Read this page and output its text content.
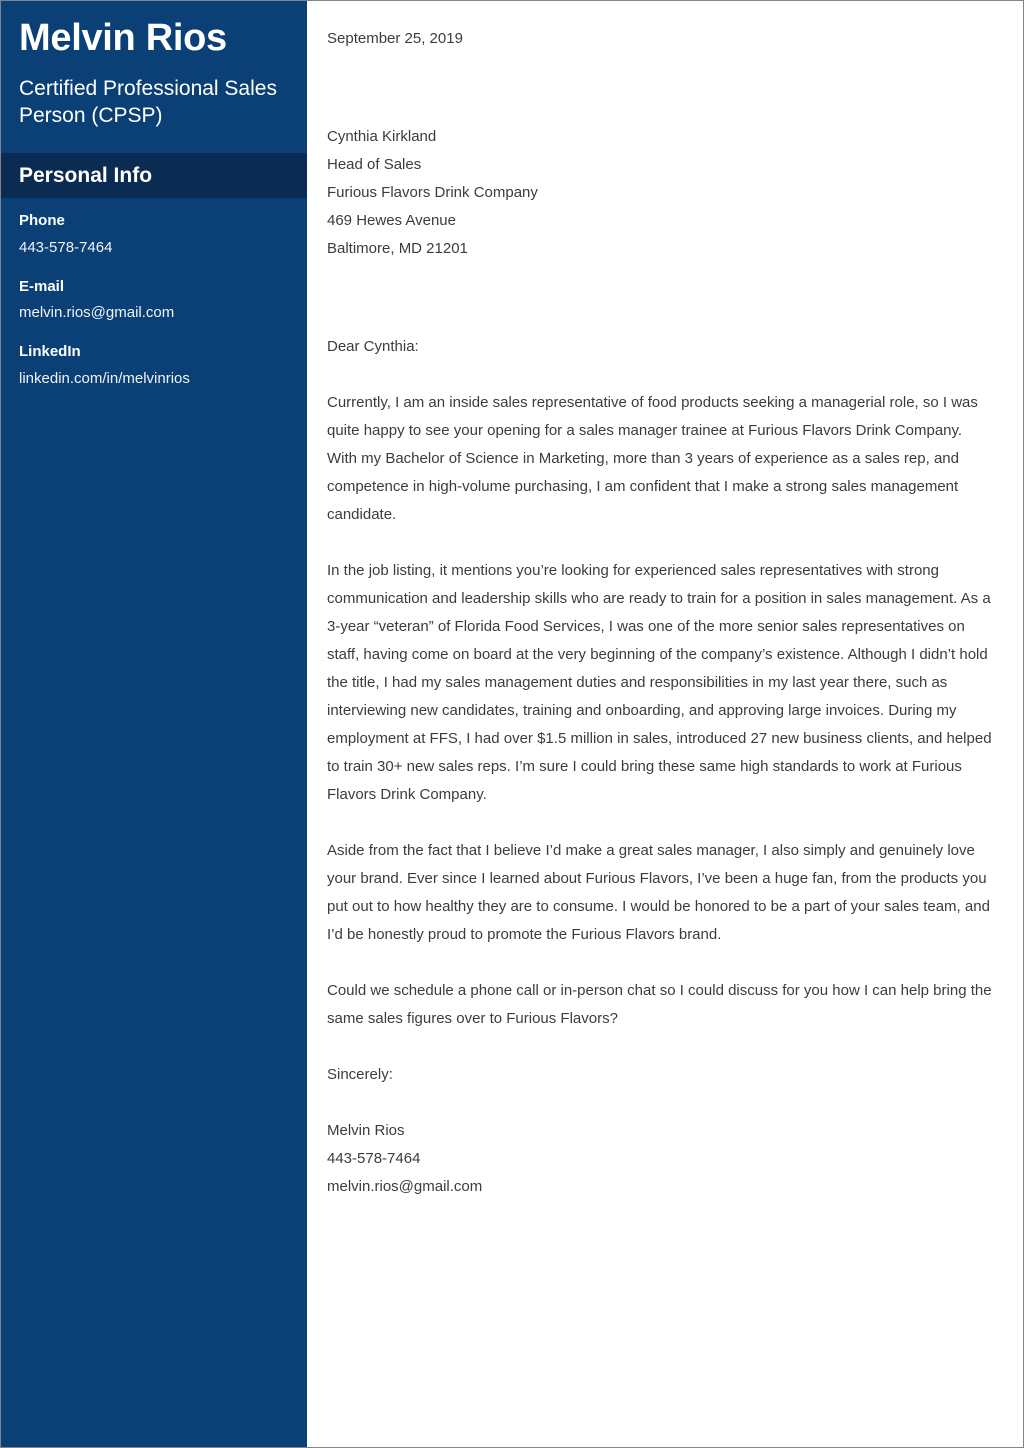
Melvin Rios

Certified Professional Sales Person (CPSP)

Personal Info
Phone
443-578-7464
E-mail
melvin.rios@gmail.com
LinkedIn
linkedin.com/in/melvinrios
September 25, 2019
Cynthia Kirkland
Head of Sales
Furious Flavors Drink Company
469 Hewes Avenue
Baltimore, MD 21201
Dear Cynthia:

Currently, I am an inside sales representative of food products seeking a managerial role, so I was quite happy to see your opening for a sales manager trainee at Furious Flavors Drink Company. With my Bachelor of Science in Marketing, more than 3 years of experience as a sales rep, and competence in high-volume purchasing, I am confident that I make a strong sales management candidate.

In the job listing, it mentions you’re looking for experienced sales representatives with strong communication and leadership skills who are ready to train for a position in sales management. As a 3-year “veteran” of Florida Food Services, I was one of the more senior sales representatives on staff, having come on board at the very beginning of the company’s existence. Although I didn’t hold the title, I had my sales management duties and responsibilities in my last year there, such as interviewing new candidates, training and onboarding, and approving large invoices. During my employment at FFS, I had over $1.5 million in sales, introduced 27 new business clients, and helped to train 30+ new sales reps. I’m sure I could bring these same high standards to work at Furious Flavors Drink Company.

Aside from the fact that I believe I’d make a great sales manager, I also simply and genuinely love your brand. Ever since I learned about Furious Flavors, I’ve been a huge fan, from the products you put out to how healthy they are to consume. I would be honored to be a part of your sales team, and I’d be honestly proud to promote the Furious Flavors brand.

Could we schedule a phone call or in-person chat so I could discuss for you how I can help bring the same sales figures over to Furious Flavors?

Sincerely:
Melvin Rios
443-578-7464
melvin.rios@gmail.com
